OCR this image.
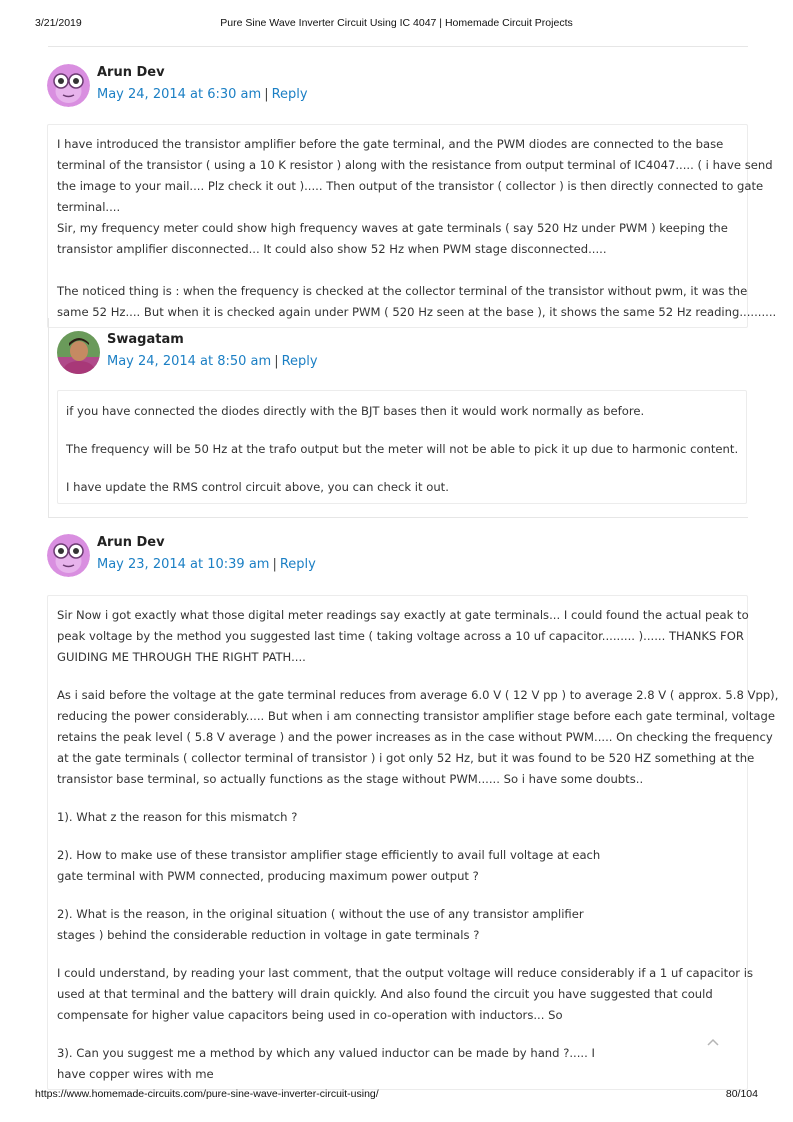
3/21/2019	Pure Sine Wave Inverter Circuit Using IC 4047 | Homemade Circuit Projects
Arun Dev
May 24, 2014 at 6:30 am | Reply

I have introduced the transistor amplifier before the gate terminal, and the PWM diodes are connected to the base

terminal of the transistor ( using a 10 K resistor ) along with the resistance from output terminal of IC4047..... ( i have send

the image to your mail.... Plz check it out )..... Then output of the transistor ( collector ) is then directly connected to gate

terminal....

Sir, my frequency meter could show high frequency waves at gate terminals ( say 520 Hz under PWM ) keeping the

transistor amplifier disconnected... It could also show 52 Hz when PWM stage disconnected.....

The noticed thing is : when the frequency is checked at the collector terminal of the transistor without pwm, it was the

same 52 Hz.... But when it is checked again under PWM ( 520 Hz seen at the base ), it shows the same 52 Hz reading..........

Swagatam
May 24, 2014 at 8:50 am | Reply

if you have connected the diodes directly with the BJT bases then it would work normally as before.

The frequency will be 50 Hz at the trafo output but the meter will not be able to pick it up due to harmonic content.

I have update the RMS control circuit above, you can check it out.

Arun Dev
May 23, 2014 at 10:39 am | Reply

Sir Now i got exactly what those digital meter readings say exactly at gate terminals... I could found the actual peak to

peak voltage by the method you suggested last time ( taking voltage across a 10 uf capacitor......... )...... THANKS FOR

GUIDING ME THROUGH THE RIGHT PATH....

As i said before the voltage at the gate terminal reduces from average 6.0 V ( 12 V pp ) to average 2.8 V ( approx. 5.8 Vpp),

reducing the power considerably..... But when i am connecting transistor amplifier stage before each gate terminal, voltage

retains the peak level ( 5.8 V average ) and the power increases as in the case without PWM..... On checking the frequency

at the gate terminals ( collector terminal of transistor ) i got only 52 Hz, but it was found to be 520 HZ something at the

transistor base terminal, so actually functions as the stage without PWM...... So i have some doubts..

1). What z the reason for this mismatch ?

2). How to make use of these transistor amplifier stage efficiently to avail full voltage at each

gate terminal with PWM connected, producing maximum power output ?

2). What is the reason, in the original situation ( without the use of any transistor amplifier

stages ) behind the considerable reduction in voltage in gate terminals ?

I could understand, by reading your last comment, that the output voltage will reduce considerably if a 1 uf capacitor is

used at that terminal and the battery will drain quickly. And also found the circuit you have suggested that could

compensate for higher value capacitors being used in co-operation with inductors... So

3). Can you suggest me a method by which any valued inductor can be made by hand ?..... I

have copper wires with me

https://www.homemade-circuits.com/pure-sine-wave-inverter-circuit-using/	80/104
